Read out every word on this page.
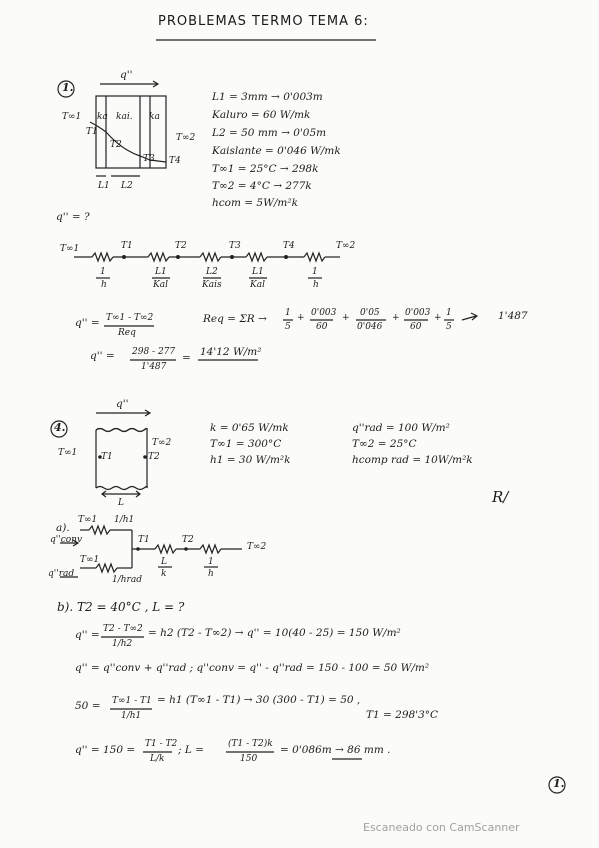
PROBLEMAS TERMO TEMA 6:
1.
q''
T∞1
T1
ka kai. ka
T2
T3 T4
T∞2
L1 L2
L1 = 3mm → 0'003m
Kaluro = 60 W/mk
L2 = 50 mm → 0'05m
Kaislante = 0'046 W/mk
T∞1 = 25°C → 298k
T∞2 = 4°C → 277k
hcom = 5W/m²k
q'' = ?
T∞1	T1	T2	T3	T4	T∞2
1
h
L1
Kal
L2
Kais
L1
Kal
1
h
q'' = T∞1 - T∞2
Req
Req = ΣR → 1
5
+ 0'003
60
+ 0'05
0'046
+ 0'003
60
+ 1
5
1'487
q'' = 298 - 277
1'487
= 14'12 W/m²
4.
q''
T∞1	T1	T2
T∞2
L
k = 0'65 W/mk
T∞1 = 300°C
h1 = 30 W/m²k
q''rad = 100 W/m²
T∞2 = 25°C
hcomp rad = 10W/m²k
R/
a).
T∞1 1/h1
q''conv
T∞1
q''rad
1/hrad
T1	T2
T∞2
L
k
1
h
b). T2 = 40°C , L = ?
q'' = T2 - T∞2
1/h2
= h2 (T2 - T∞2) → q'' = 10(40 - 25) = 150 W/m²
q'' = q''conv + q''rad ; q''conv = q'' - q''rad = 150 - 100 = 50 W/m²
50 = T∞1 - T1
1/h1
= h1 (T∞1 - T1) → 30 (300 - T1) = 50 ,
T1 = 298'3°C
q'' = 150 = T1 - T2
L/k
; L =	(T1 - T2)k
150
= 0'086m → 86 mm .
1.
Escaneado con CamScanner
